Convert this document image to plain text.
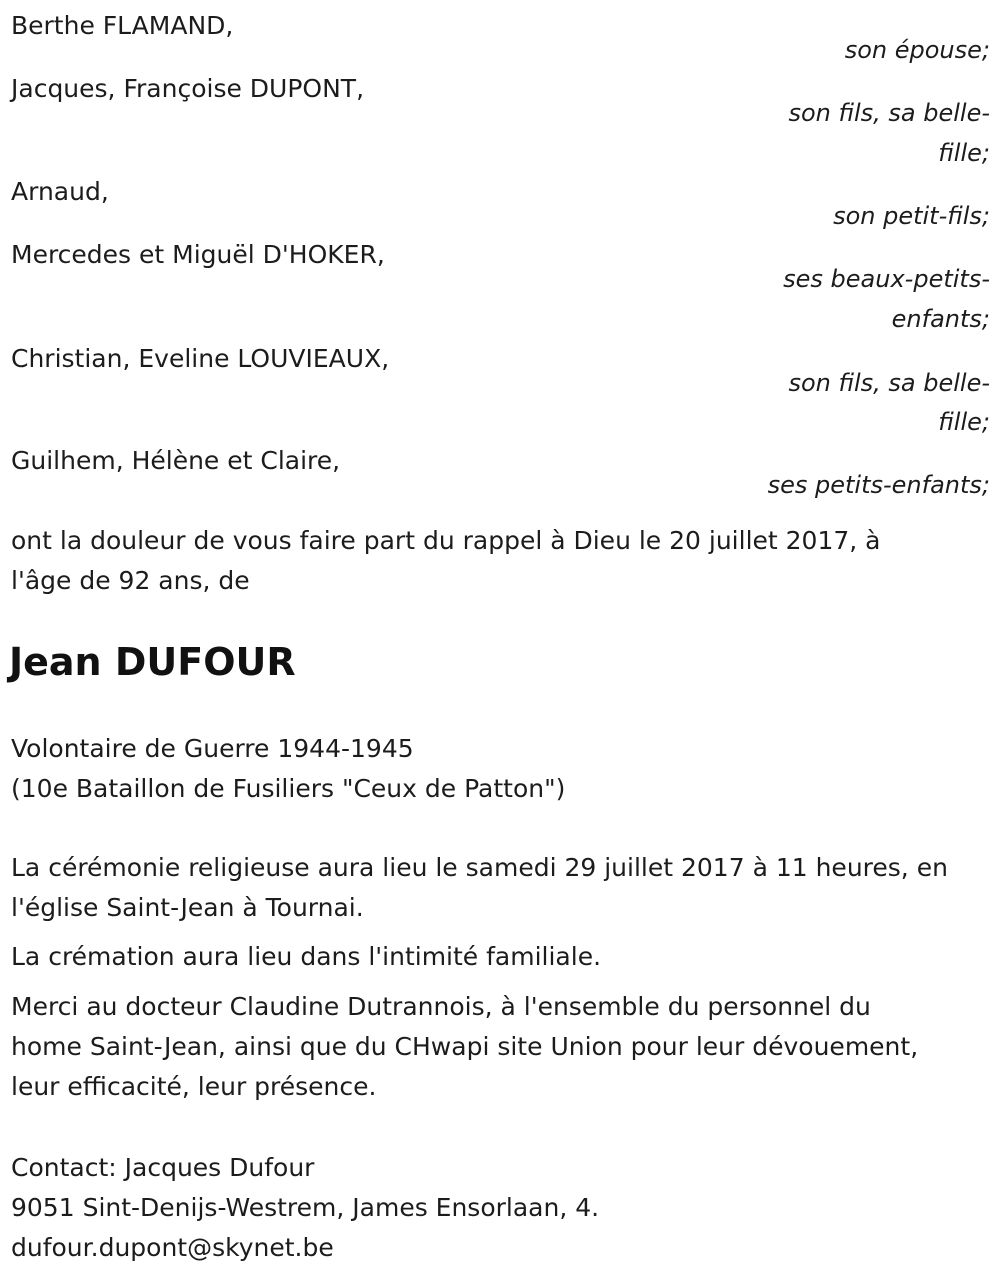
Berthe FLAMAND,
son épouse;
Jacques, Françoise DUPONT,
son fils, sa belle-
fille;
Arnaud,
son petit-fils;
Mercedes et Miguël D'HOKER,
ses beaux-petits-
enfants;
Christian, Eveline LOUVIEAUX,
son fils, sa belle-
fille;
Guilhem, Hélène et Claire,
ses petits-enfants;
ont la douleur de vous faire part du rappel à Dieu le 20 juillet 2017, à
l'âge de 92 ans, de
Jean DUFOUR
Volontaire de Guerre 1944-1945
(10e Bataillon de Fusiliers "Ceux de Patton")
La cérémonie religieuse aura lieu le samedi 29 juillet 2017 à 11 heures, en
l'église Saint-Jean à Tournai.
La crémation aura lieu dans l'intimité familiale.
Merci au docteur Claudine Dutrannois, à l'ensemble du personnel du
home Saint-Jean, ainsi que du CHwapi site Union pour leur dévouement,
leur efficacité, leur présence.
Contact: Jacques Dufour
9051 Sint-Denijs-Westrem, James Ensorlaan, 4.
dufour.dupont@skynet.be
